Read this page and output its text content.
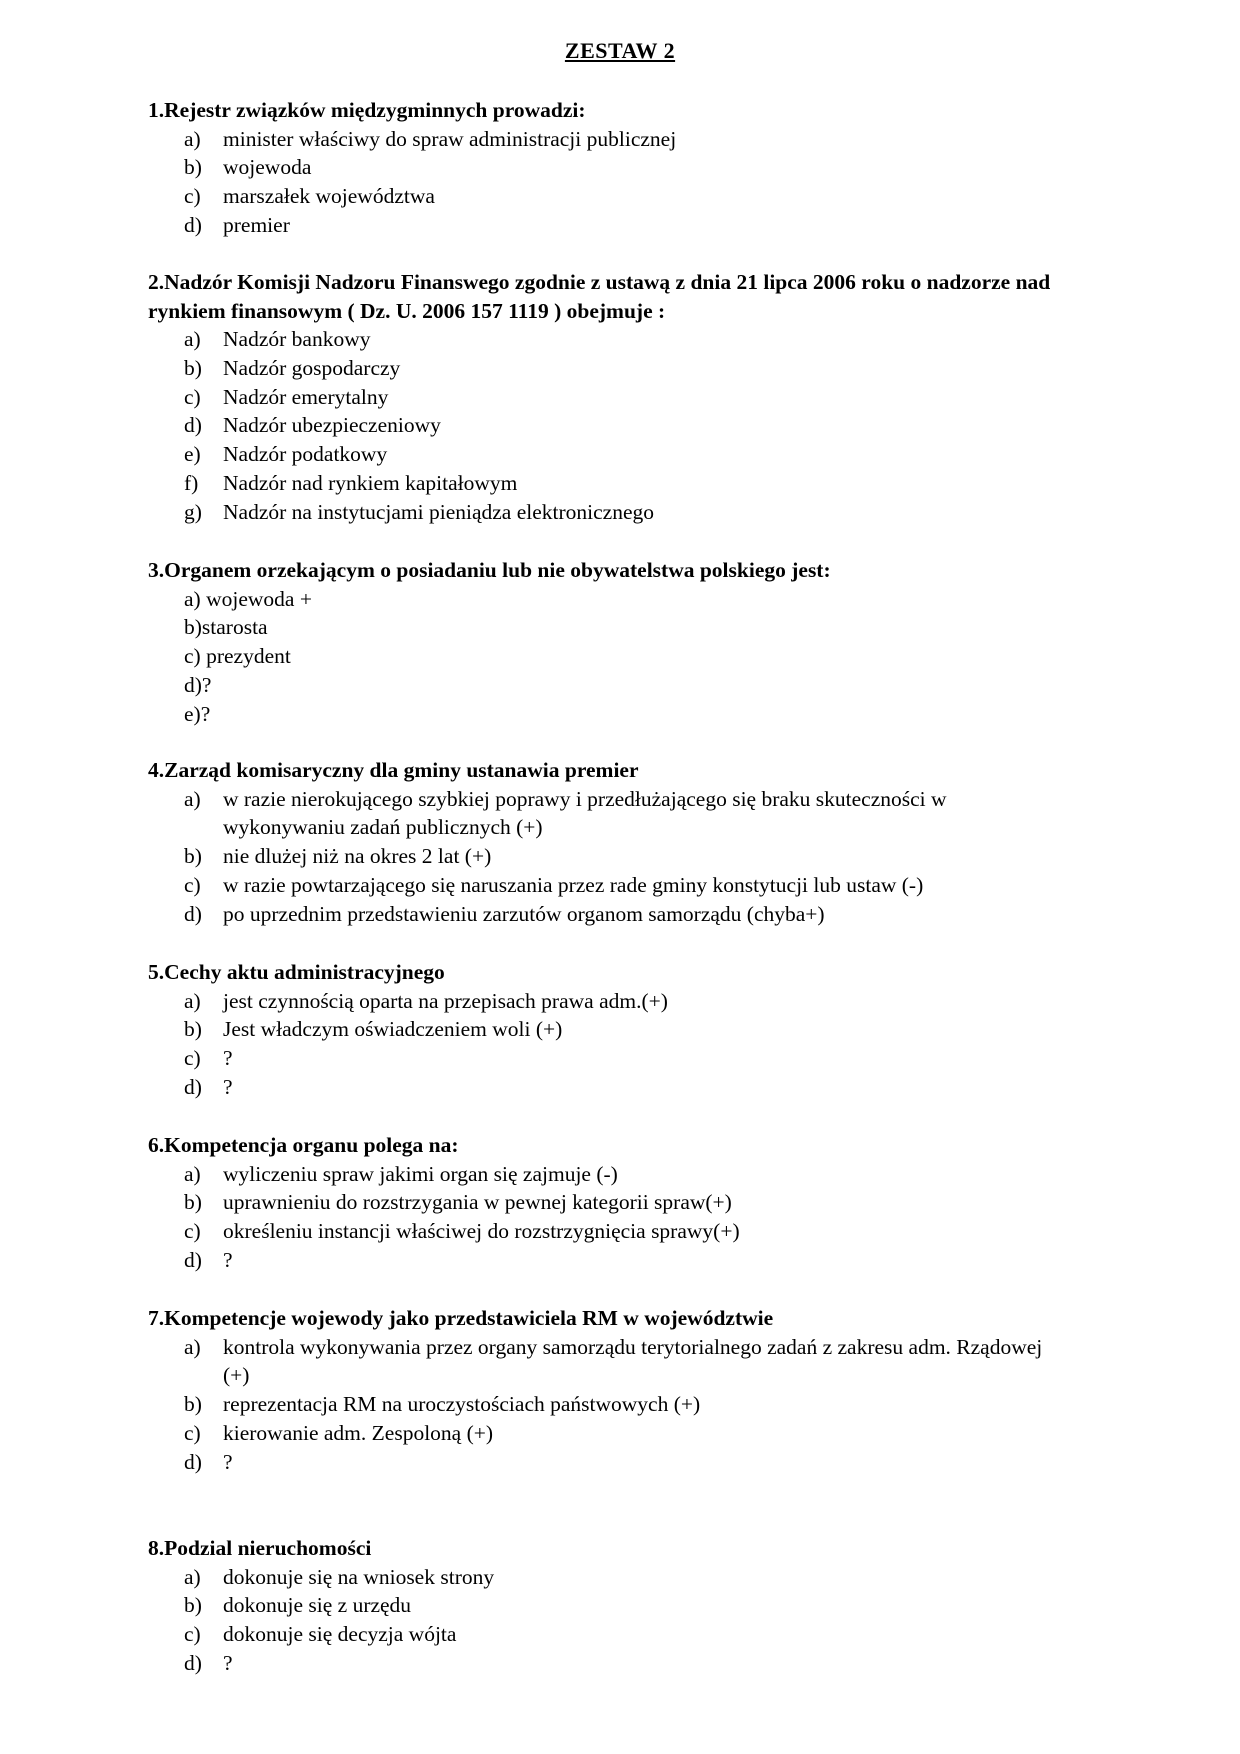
ZESTAW 2

1.Rejestr związków międzygminnych prowadzi:

a) minister właściwy do spraw administracji publicznej
b) wojewoda
c) marszałek województwa
d) premier

2.Nadzór Komisji Nadzoru Finanswego zgodnie z ustawą z dnia 21 lipca 2006 roku o nadzorze nad rynkiem finansowym ( Dz. U. 2006 157 1119 ) obejmuje :

a) Nadzór bankowy
b) Nadzór gospodarczy
c) Nadzór emerytalny
d) Nadzór ubezpieczeniowy
e) Nadzór podatkowy
f) Nadzór nad rynkiem kapitałowym
g) Nadzór na instytucjami pieniądza elektronicznego

3.Organem orzekającym o posiadaniu lub nie obywatelstwa polskiego jest:

a) wojewoda +
b)starosta
c) prezydent
d)?
e)?

4.Zarząd komisaryczny dla gminy ustanawia premier

a) w razie nierokującego szybkiej poprawy i przedłużającego się braku skuteczności w wykonywaniu zadań publicznych (+)
b) nie dlużej niż na okres 2 lat (+)
c) w razie powtarzającego się naruszania przez rade gminy konstytucji lub ustaw (-)
d) po uprzednim przedstawieniu zarzutów organom samorządu (chyba+)

5.Cechy aktu administracyjnego

a) jest czynnością oparta na przepisach prawa adm.(+)
b) Jest władczym oświadczeniem woli (+)
c) ?
d) ?

6.Kompetencja organu polega na:

a) wyliczeniu spraw jakimi organ się zajmuje (-)
b) uprawnieniu do rozstrzygania w pewnej kategorii spraw(+)
c) określeniu instancji właściwej do rozstrzygnięcia sprawy(+)
d) ?

7.Kompetencje wojewody jako przedstawiciela RM w województwie

a) kontrola wykonywania przez organy samorządu terytorialnego zadań z zakresu adm. Rządowej (+)
b) reprezentacja RM na uroczystościach państwowych (+)
c) kierowanie adm. Zespoloną (+)
d) ?

8.Podzial nieruchomości

a) dokonuje się na wniosek strony
b) dokonuje się z urzędu
c) dokonuje się decyzja wójta
d) ?
